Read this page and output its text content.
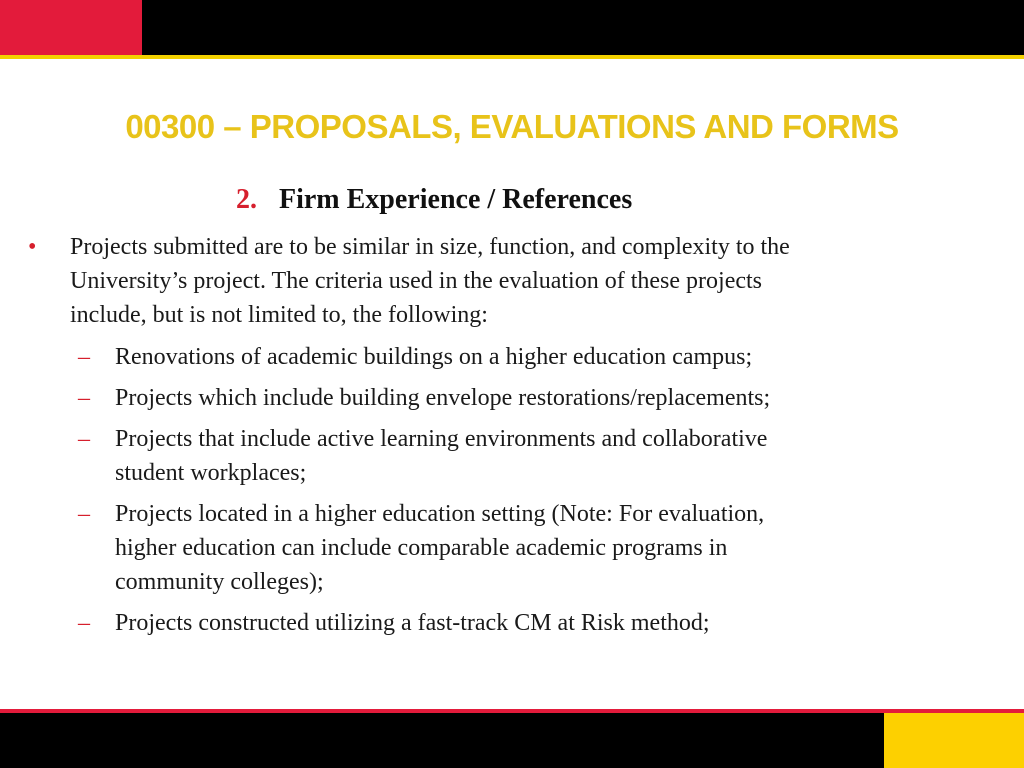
00300 – PROPOSALS, EVALUATIONS AND FORMS
2. Firm Experience / References
• Projects submitted are to be similar in size, function, and complexity to the
University’s project. The criteria used in the evaluation of these projects
include, but is not limited to, the following:
– Renovations of academic buildings on a higher education campus;
– Projects which include building envelope restorations/replacements;
– Projects that include active learning environments and collaborative
student workplaces;
– Projects located in a higher education setting (Note: For evaluation,
higher education can include comparable academic programs in
community colleges);
– Projects constructed utilizing a fast-track CM at Risk method;
